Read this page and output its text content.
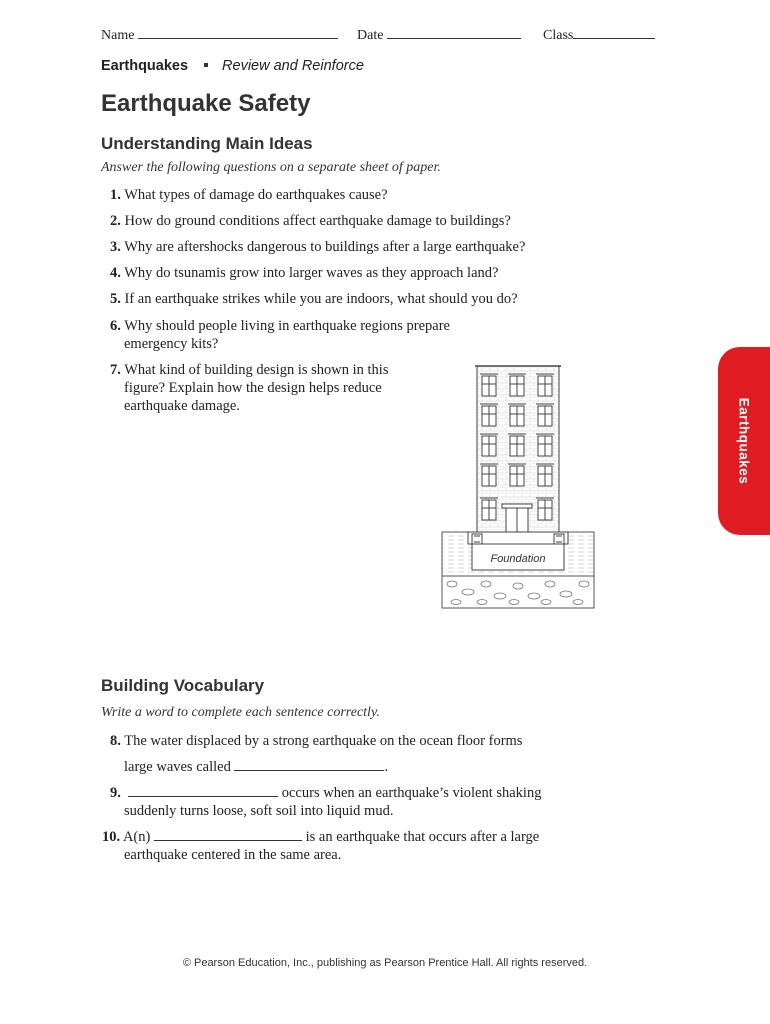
Name	Date	Class
Earthquakes Review and Reinforce
Earthquake Safety
Understanding Main Ideas
Answer the following questions on a separate sheet of paper.
1. What types of damage do earthquakes cause?
2. How do ground conditions affect earthquake damage to buildings?
3. Why are aftershocks dangerous to buildings after a large earthquake?
4. Why do tsunamis grow into larger waves as they approach land?
5. If an earthquake strikes while you are indoors, what should you do?
6. Why should people living in earthquake regions prepare
emergency kits?
7. What kind of building design is shown in this
figure? Explain how the design helps reduce
earthquake damage.
Foundation
Earthquakes
Building Vocabulary
Write a word to complete each sentence correctly.
8. The water displaced by a strong earthquake on the ocean floor forms
large waves called	.
9.	occurs when an earthquake’s violent shaking
suddenly turns loose, soft soil into liquid mud.
10. A(n)	is an earthquake that occurs after a large
earthquake centered in the same area.
© Pearson Education, Inc., publishing as Pearson Prentice Hall. All rights reserved.
